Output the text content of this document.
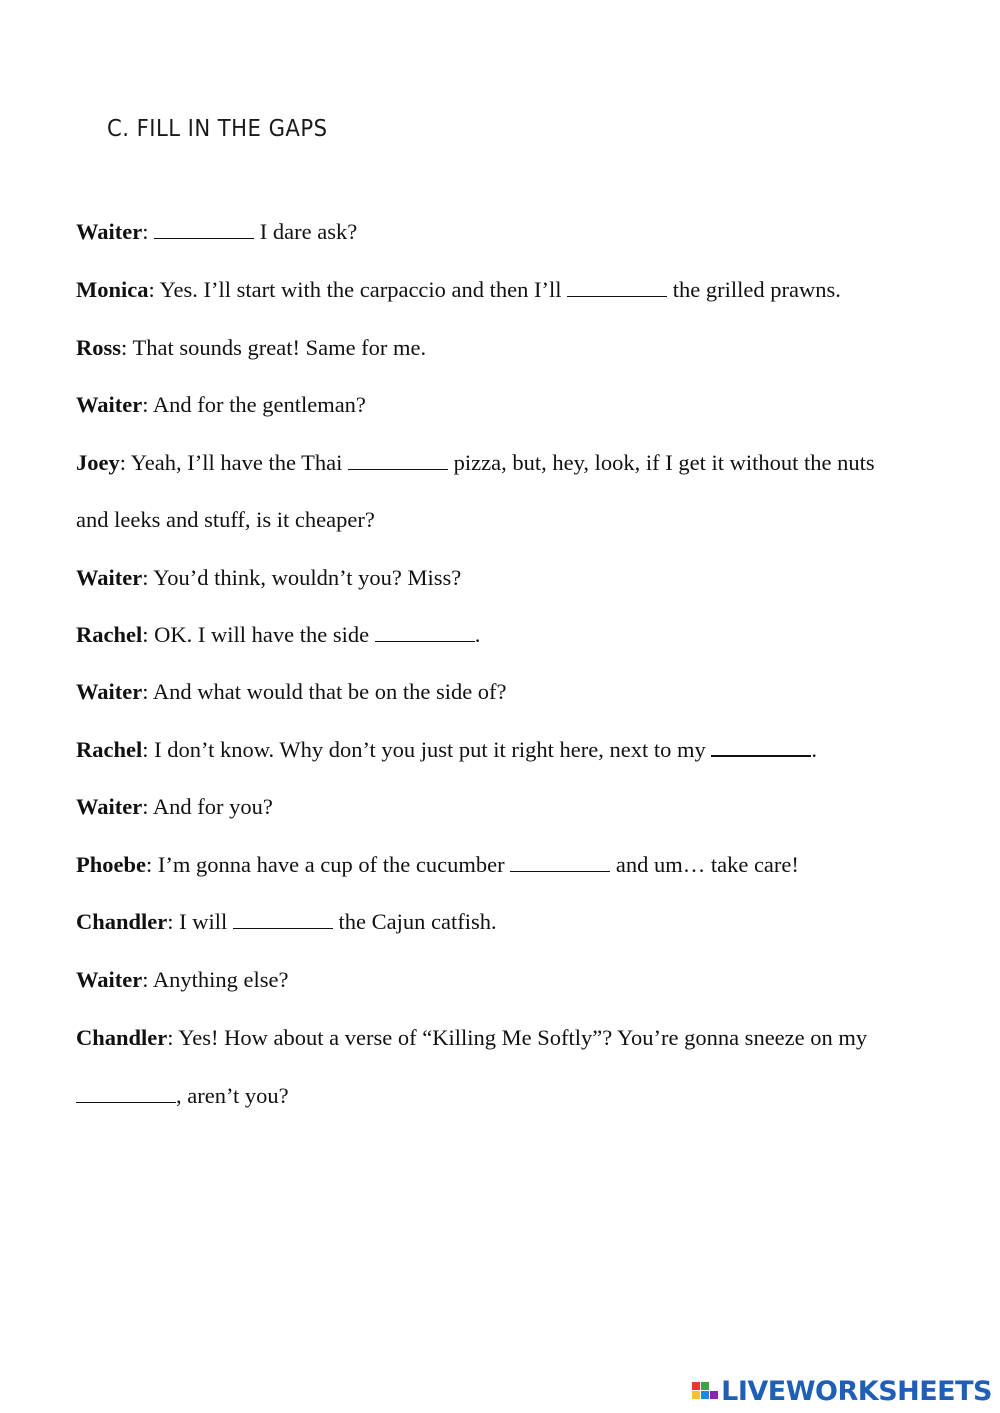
C. FILL IN THE GAPS
Waiter:	I dare ask?
Monica: Yes. I’ll start with the carpaccio and then I’ll	the grilled prawns.
Ross: That sounds great! Same for me.
Waiter: And for the gentleman?
Joey: Yeah, I’ll have the Thai	pizza, but, hey, look, if I get it without the nuts
and leeks and stuff, is it cheaper?
Waiter: You’d think, wouldn’t you? Miss?
Rachel: OK. I will have the side	.
Waiter: And what would that be on the side of?
Rachel: I don’t know. Why don’t you just put it right here, next to my	.
Waiter: And for you?
Phoebe: I’m gonna have a cup of the cucumber	and um… take care!
Chandler: I will	the Cajun catfish.
Waiter: Anything else?
Chandler: Yes! How about a verse of “Killing Me Softly”? You’re gonna sneeze on my
, aren’t you?
LIVEWORKSHEETS
